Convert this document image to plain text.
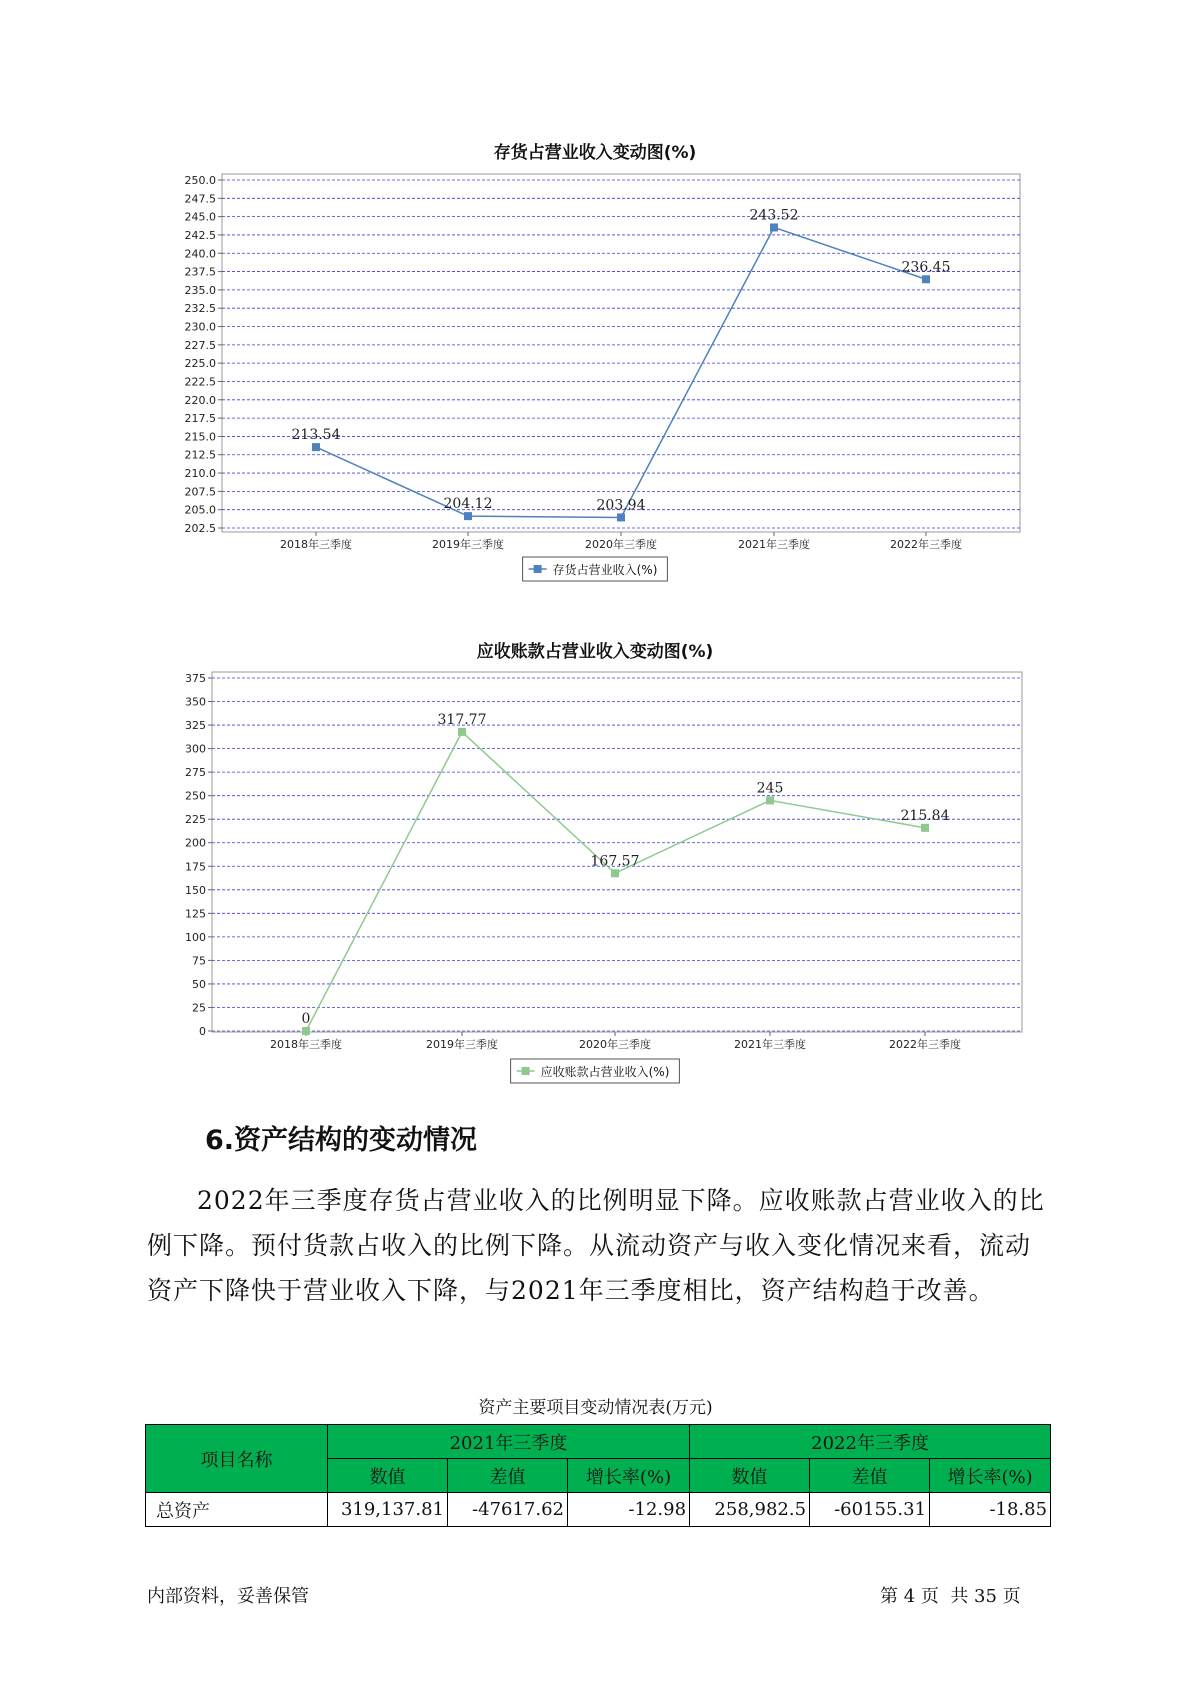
存货占营业收入变动图(%)
250.0
247.5
245.0
242.5
240.0
237.5
235.0
232.5
230.0
227.5
225.0
222.5
220.0
217.5
215.0
212.5
210.0
207.5
205.0
202.5
2018年三季度	2019年三季度	2020年三季度	2021年三季度	2022年三季度
213.54
204.12	203.94
243.52
236.45
存货占营业收入(%)
应收账款占营业收入变动图(%)
375
350
325
300
275
250
225
200
175
150
125
100
75
50
25
0
2018年三季度	2019年三季度	2020年三季度	2021年三季度	2022年三季度
0
317.77
167.57
245
215.84
应收账款占营业收入(%)
6.资产结构的变动情况

2022年三季度存货占营业收入的比例明显下降。应收账款占营业收入的比例下降。预付货款占收入的比例下降。从流动资产与收入变化情况来看，流动资产下降快于营业收入下降，与2021年三季度相比，资产结构趋于改善。

资产主要项目变动情况表(万元)
项目名称	2021年三季度			2022年三季度		
	数值	差值	增长率(%)	数值	差值	增长率(%)
总资产	319,137.81	-47617.62	-12.98	258,982.5	-60155.31	-18.85
内部资料，妥善保管	第 4 页  共 35 页
